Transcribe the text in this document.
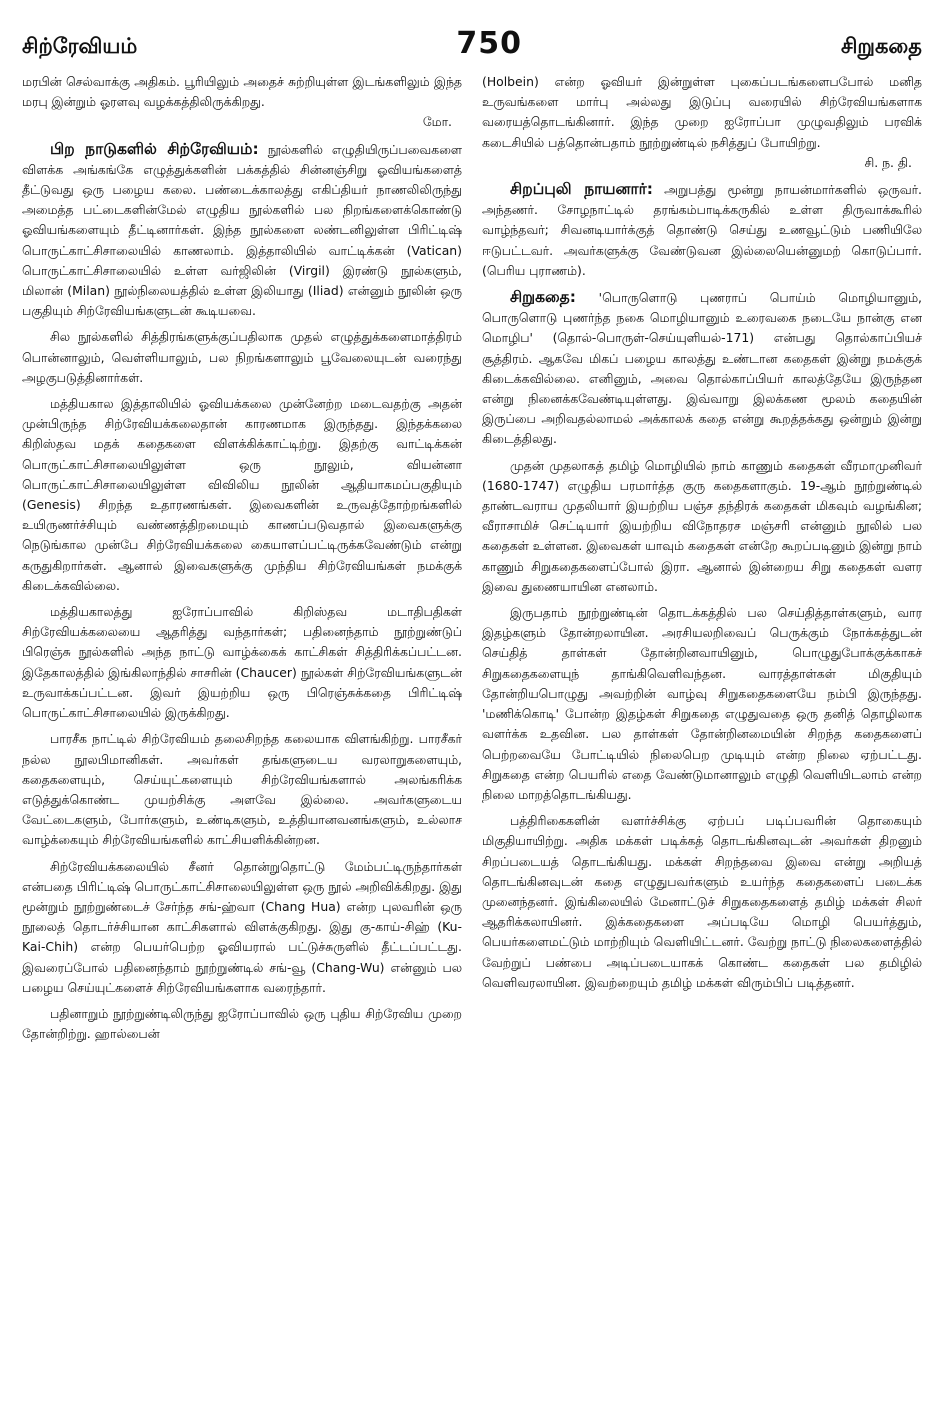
சிற்ரேவியம்	750	சிறுகதை

மரபின் செல்வாக்கு அதிகம். பூரியிலும் அதைச் சுற்றியுள்ள இடங்களிலும் இந்த மரபு இன்றும் ஓரளவு வழக்கத்திலிருக்கிறது.
மோ.

பிற நாடுகளில் சிற்ரேவியம்: நூல்களில் எழுதியிருப்பவைகளை விளக்க அங்கங்கே எழுத்துக்களின் பக்கத்தில் சின்னஞ்சிறு ஓவியங்களைத் தீட்டுவது ஒரு பழைய கலை. பண்டைக்காலத்து எகிப்தியர் நாணலிலிருந்து அமைத்த பட்டைகளின்மேல் எழுதிய நூல்களில் பல நிறங்களைக்கொண்டு ஓவியங்களையும் தீட்டினார்கள். இந்த நூல்களை லண்டனிலுள்ள பிரிட்டிஷ் பொருட்காட்சிசாலையில் காணலாம். இத்தாலியில் வாட்டிக்கன் (Vatican) பொருட்காட்சிசாலையில் உள்ள வர்ஜிலின் (Virgil) இரண்டு நூல்களும், மிலான் (Milan) நூல்நிலையத்தில் உள்ள இலியாது (Iliad) என்னும் நூலின் ஒரு பகுதியும் சிற்ரேவியங்களுடன் கூடியவை.

சில நூல்களில் சித்திரங்களுக்குப்பதிலாக முதல் எழுத்துக்களைமாத்திரம் பொன்னாலும், வெள்ளியாலும், பல நிறங்களாலும் பூவேலையுடன் வரைந்து அழகுபடுத்தினார்கள்.

மத்தியகால இத்தாலியில் ஓவியக்கலை முன்னேற்ற மடைவதற்கு அதன் முன்பிருந்த சிற்ரேவியக்கலைதான் காரணமாக இருந்தது. இந்தக்கலை கிறிஸ்தவ மதக் கதைகளை விளக்கிக்காட்டிற்று. இதற்கு வாட்டிக்கன் பொருட்காட்சிசாலையிலுள்ள ஒரு நூலும், வியன்னா பொருட்காட்சிசாலையிலுள்ள விவிலிய நூலின் ஆதியாகமப்பகுதியும் (Genesis) சிறந்த உதாரணங்கள். இவைகளின் உருவத்தோற்றங்களில் உயிருணர்ச்சியும் வண்ணத்திறமையும் காணப்படுவதால் இவைகளுக்கு நெடுங்கால முன்பே சிற்ரேவியக்கலை கையாளப்பட்டிருக்கவேண்டும் என்று கருதுகிறார்கள். ஆனால் இவைகளுக்கு முந்திய சிற்ரேவியங்கள் நமக்குக் கிடைக்கவில்லை.

மத்தியகாலத்து ஐரோப்பாவில் கிறிஸ்தவ மடாதிபதிகள் சிற்ரேவியக்கலையை ஆதரித்து வந்தார்கள்; பதினைந்தாம் நூற்றுண்டுப் பிரெஞ்சு நூல்களில் அந்த நாட்டு வாழ்க்கைக் காட்சிகள் சித்திரிக்கப்பட்டன. இதேகாலத்தில் இங்கிலாந்தில் சாசரின் (Chaucer) நூல்கள் சிற்ரேவியங்களுடன் உருவாக்கப்பட்டன. இவர் இயற்றிய ஒரு பிரெஞ்சுக்கதை பிரிட்டிஷ் பொருட்காட்சிசாலையில் இருக்கிறது.

பாரசீக நாட்டில் சிற்ரேவியம் தலைசிறந்த கலையாக விளங்கிற்று. பாரசீகர் நல்ல நூலபிமானிகள். அவர்கள் தங்களுடைய வரலாறுகளையும், கதைகளையும், செய்யுட்களையும் சிற்ரேவியங்களால் அலங்கரிக்க எடுத்துக்கொண்ட முயற்சிக்கு அளவே இல்லை. அவர்களுடைய வேட்டைகளும், போர்களும், உண்டிகளும், உத்தியானவனங்களும், உல்லாச வாழ்க்கையும் சிற்ரேவியங்களில் காட்சியளிக்கின்றன.

சிற்ரேவியக்கலையில் சீனர் தொன்றுதொட்டு மேம்பட்டிருந்தார்கள் என்பதை பிரிட்டிஷ் பொருட்காட்சிசாலையிலுள்ள ஒரு நூல் அறிவிக்கிறது. இது மூன்றும் நூற்றுண்டைச் சேர்ந்த சங்-ஹ்வா (Chang Hua) என்ற புலவரின் ஒரு நூலைத் தொடர்ச்சியான காட்சிகளால் விளக்குகிறது. இது கு-காய்-சிஹ் (Ku-Kai-Chih) என்ற பெயர்பெற்ற ஓவியரால் பட்டுச்சுருளில் தீட்டப்பட்டது. இவரைப்போல் பதினைந்தாம் நூற்றுண்டில் சங்-வூ (Chang-Wu) என்னும் பல பழைய செய்யுட்களைச் சிற்ரேவியங்களாக வரைந்தார்.

பதினாறும் நூற்றுண்டிலிருந்து ஐரோப்பாவில் ஒரு புதிய சிற்ரேவிய முறை தோன்றிற்று. ஹால்பைன்

(Holbein) என்ற ஓவியர் இன்றுள்ள புகைப்படங்களைபபோல் மனித உருவங்களை மார்பு அல்லது இடுப்பு வரையில் சிற்ரேவியங்களாக வரையத்தொடங்கினார். இந்த முறை ஐரோப்பா முழுவதிலும் பரவிக் கடைசியில் பத்தொன்பதாம் நூற்றுண்டில் நசித்துப் போயிற்று.
சி. ந. தி.

சிறப்புலி நாயனார்: அறுபத்து மூன்று நாயன்மார்களில் ஒருவர். அந்தணர். சோழநாட்டில் தரங்கம்பாடிக்கருகில் உள்ள திருவாக்கூரில் வாழ்ந்தவர்; சிவனடியார்க்குத் தொண்டு செய்து உணவூட்டும் பணியிலே ஈடுபட்டவர். அவர்களுக்கு வேண்டுவன இல்லையென்னுமற் கொடுப்பார். (பெரிய புராணம்).

சிறுகதை: 'பொருளொடு புணராப் பொய்ம் மொழியானும், பொருளொடு புணர்ந்த நகை மொழியானும் உரைவகை நடையே நான்கு என மொழிப' (தொல்-பொருள்-செய்யுளியல்-171) என்பது தொல்காப்பியச் சூத்திரம். ஆகவே மிகப் பழைய காலத்து உண்டான கதைகள் இன்று நமக்குக் கிடைக்கவில்லை. எனினும், அவை தொல்காப்பியர் காலத்தேயே இருந்தன என்று நினைக்கவேண்டியுள்ளது. இவ்வாறு இலக்கண மூலம் கதையின் இருப்பை அறிவதல்லாமல் அக்காலக் கதை என்று கூறத்தக்கது ஒன்றும் இன்று கிடைத்திலது.

முதன் முதலாகத் தமிழ் மொழியில் நாம் காணும் கதைகள் வீரமாமுனிவர் (1680-1747) எழுதிய பரமார்த்த குரு கதைகளாகும். 19-ஆம் நூற்றுண்டில் தாண்டவராய முதலியார் இயற்றிய பஞ்ச தந்திரக் கதைகள் மிகவும் வழங்கின; வீராசாமிச் செட்டியார் இயற்றிய விநோதரச மஞ்சரி என்னும் நூலில் பல கதைகள் உள்ளன. இவைகள் யாவும் கதைகள் என்றே கூறப்படினும் இன்று நாம் காணும் சிறுகதைகளைப்போல் இரா. ஆனால் இன்றைய சிறு கதைகள் வளர இவை துணையாயின எனலாம்.

இருபதாம் நூற்றுண்டின் தொடக்கத்தில் பல செய்தித்தாள்களும், வார இதழ்களும் தோன்றலாயின. அரசியலறிவைப் பெருக்கும் நோக்கத்துடன் செய்தித் தாள்கள் தோன்றினவாயினும், பொழுதுபோக்குக்காகச் சிறுகதைகளையுந் தாங்கிவெளிவந்தன. வாரத்தாள்கள் மிகுதியும் தோன்றியபொழுது அவற்றின் வாழ்வு சிறுகதைகளையே நம்பி இருந்தது. 'மணிக்கொடி' போன்ற இதழ்கள் சிறுகதை எழுதுவதை ஒரு தனித் தொழிலாக வளர்க்க உதவின. பல தாள்கள் தோன்றினமையின் சிறந்த கதைகளைப் பெற்றவையே போட்டியில் நிலைபெற முடியும் என்ற நிலை ஏற்பட்டது. சிறுகதை என்ற பெயரில் எதை வேண்டுமானாலும் எழுதி வெளியிடலாம் என்ற நிலை மாறத்தொடங்கியது.

பத்திரிகைகளின் வளர்ச்சிக்கு ஏற்பப் படிப்பவரின் தொகையும் மிகுதியாயிற்று. அதிக மக்கள் படிக்கத் தொடங்கினவுடன் அவர்கள் திறனும் சிறப்படையத் தொடங்கியது. மக்கள் சிறந்தவை இவை என்று அறியத் தொடங்கினவுடன் கதை எழுதுபவர்களும் உயர்ந்த கதைகளைப் படைக்க முனைந்தனர். இங்கிலையில் மேனாட்டுச் சிறுகதைகளைத் தமிழ் மக்கள் சிலர் ஆதரிக்கலாயினர். இக்கதைகளை அப்படியே மொழி பெயர்த்தும், பெயர்களைமட்டும் மாற்றியும் வெளியிட்டனர். வேற்று நாட்டு நிலைகளைத்தில் வேற்றுப் பண்பை அடிப்படையாகக் கொண்ட கதைகள் பல தமிழில் வெளிவரலாயின. இவற்றையும் தமிழ் மக்கள் விரும்பிப் படித்தனர்.
